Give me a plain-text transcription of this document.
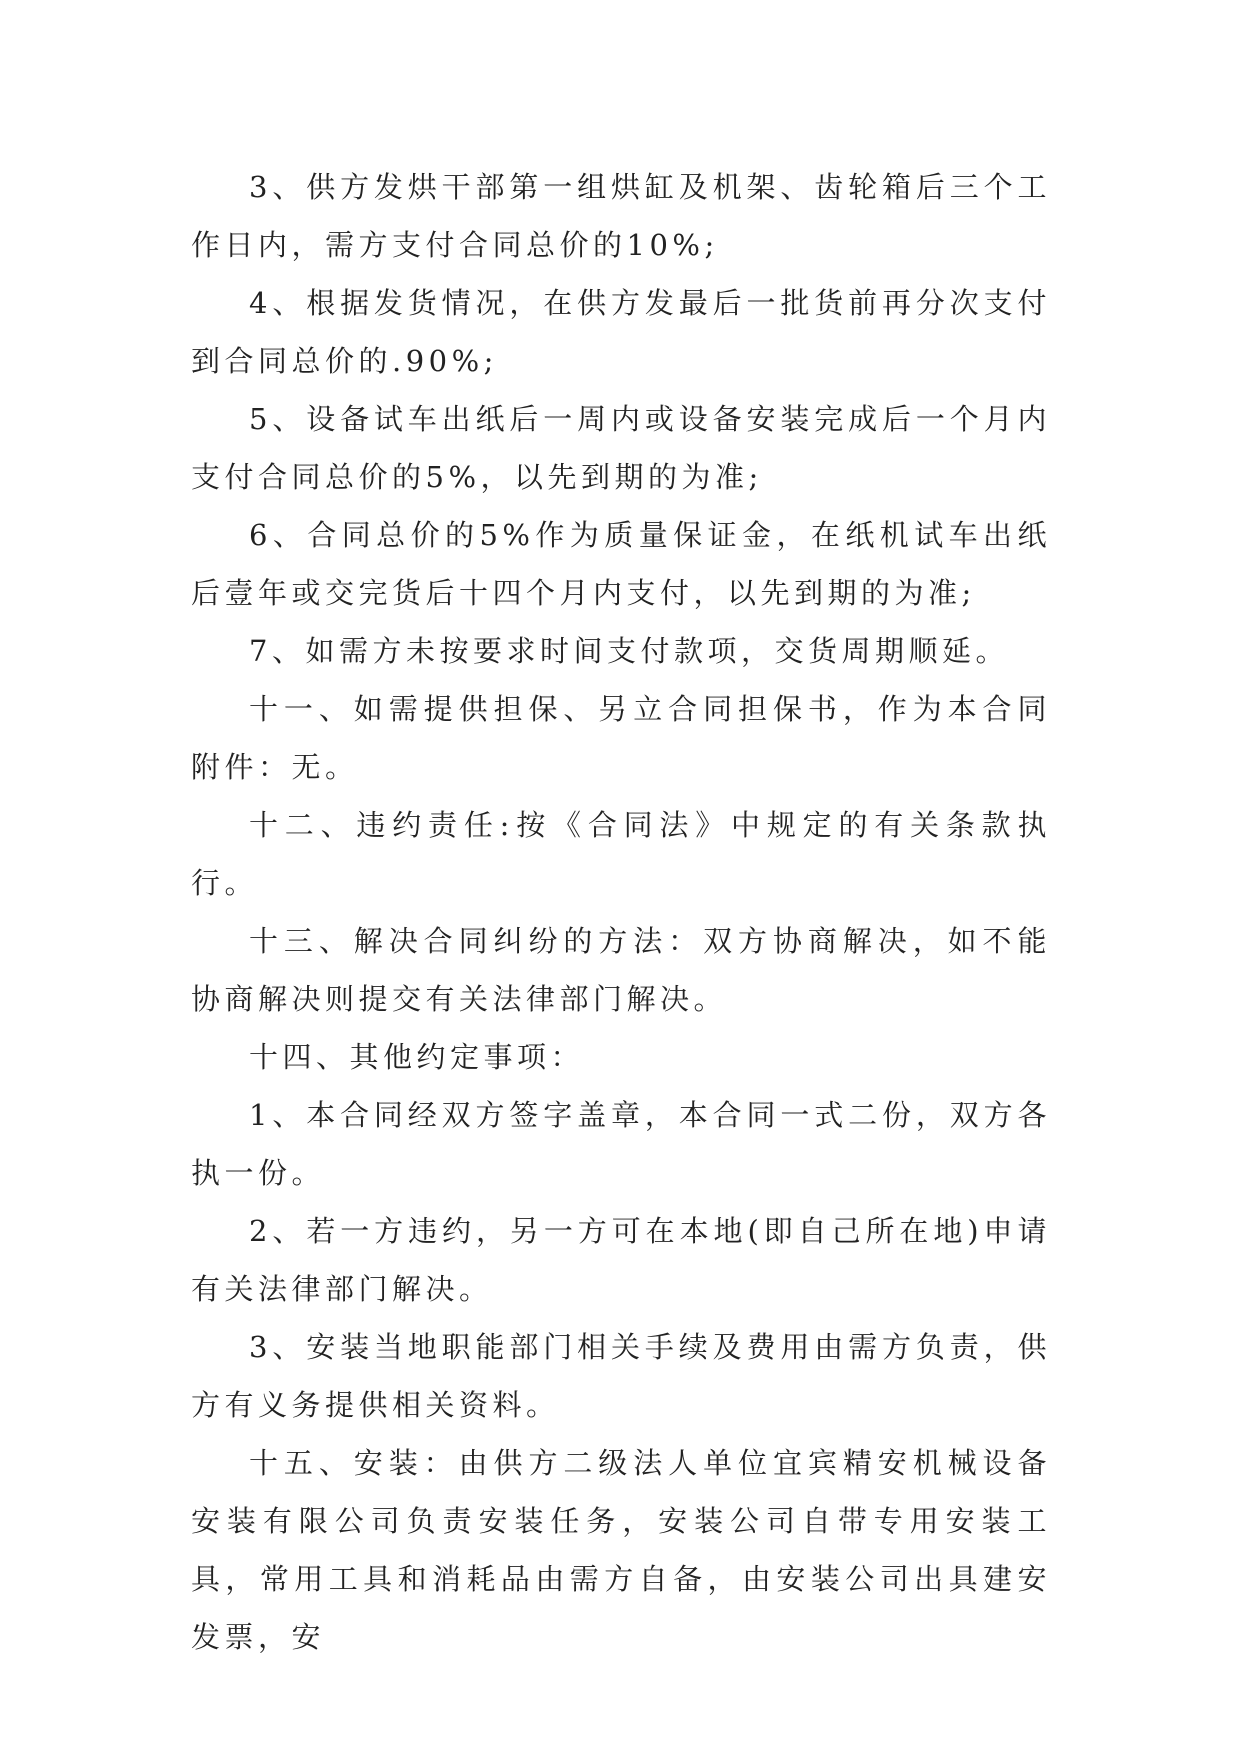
3、供方发烘干部第一组烘缸及机架、齿轮箱后三个工作日内，需方支付合同总价的10%;

4、根据发货情况，在供方发最后一批货前再分次支付到合同总价的.90%;

5、设备试车出纸后一周内或设备安装完成后一个月内支付合同总价的5%，以先到期的为准;

6、合同总价的5%作为质量保证金，在纸机试车出纸后壹年或交完货后十四个月内支付，以先到期的为准;

7、如需方未按要求时间支付款项，交货周期顺延。

十一、如需提供担保、另立合同担保书，作为本合同附件：无。

十二、违约责任:按《合同法》中规定的有关条款执行。

十三、解决合同纠纷的方法：双方协商解决，如不能协商解决则提交有关法律部门解决。

十四、其他约定事项：

1、本合同经双方签字盖章，本合同一式二份，双方各执一份。

2、若一方违约，另一方可在本地(即自己所在地)申请有关法律部门解决。

3、安装当地职能部门相关手续及费用由需方负责，供方有义务提供相关资料。

十五、安装：由供方二级法人单位宜宾精安机械设备安装有限公司负责安装任务，安装公司自带专用安装工具，常用工具和消耗品由需方自备，由安装公司出具建安发票，安
